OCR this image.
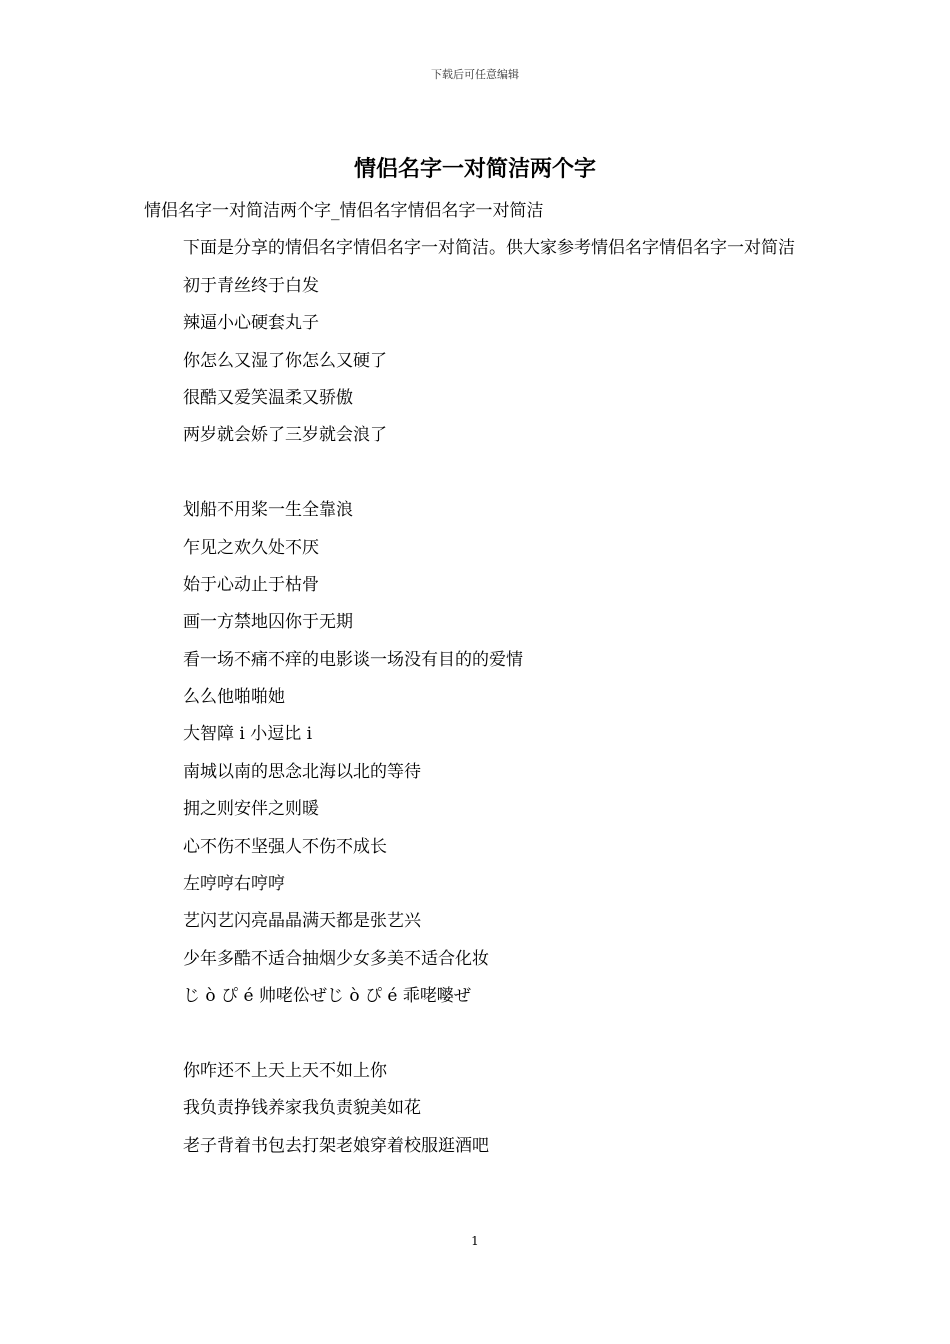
下载后可任意编辑
情侣名字一对简洁两个字
情侣名字一对简洁两个字_情侣名字情侣名字一对简洁
下面是分享的情侣名字情侣名字一对简洁。供大家参考情侣名字情侣名字一对简洁
初于青丝终于白发
辣逼小心硬套丸子
你怎么又湿了你怎么又硬了
很酷又爱笑温柔又骄傲
两岁就会娇了三岁就会浪了
划船不用桨一生全靠浪
乍见之欢久处不厌
始于心动止于枯骨
画一方禁地囚你于无期
看一场不痛不痒的电影谈一场没有目的的爱情
么么他啪啪她
大智障 i 小逗比 i
南城以南的思念北海以北的等待
拥之则安伴之则暖
心不伤不坚强人不伤不成长
左哼哼右哼哼
艺闪艺闪亮晶晶满天都是张艺兴
少年多酷不适合抽烟少女多美不适合化妆
じ ò ぴ é 帅咾伀ぜじ ò ぴ é 乖咾嘙ぜ
你咋还不上天上天不如上你
我负责挣钱养家我负责貌美如花
老子背着书包去打架老娘穿着校服逛酒吧
1
